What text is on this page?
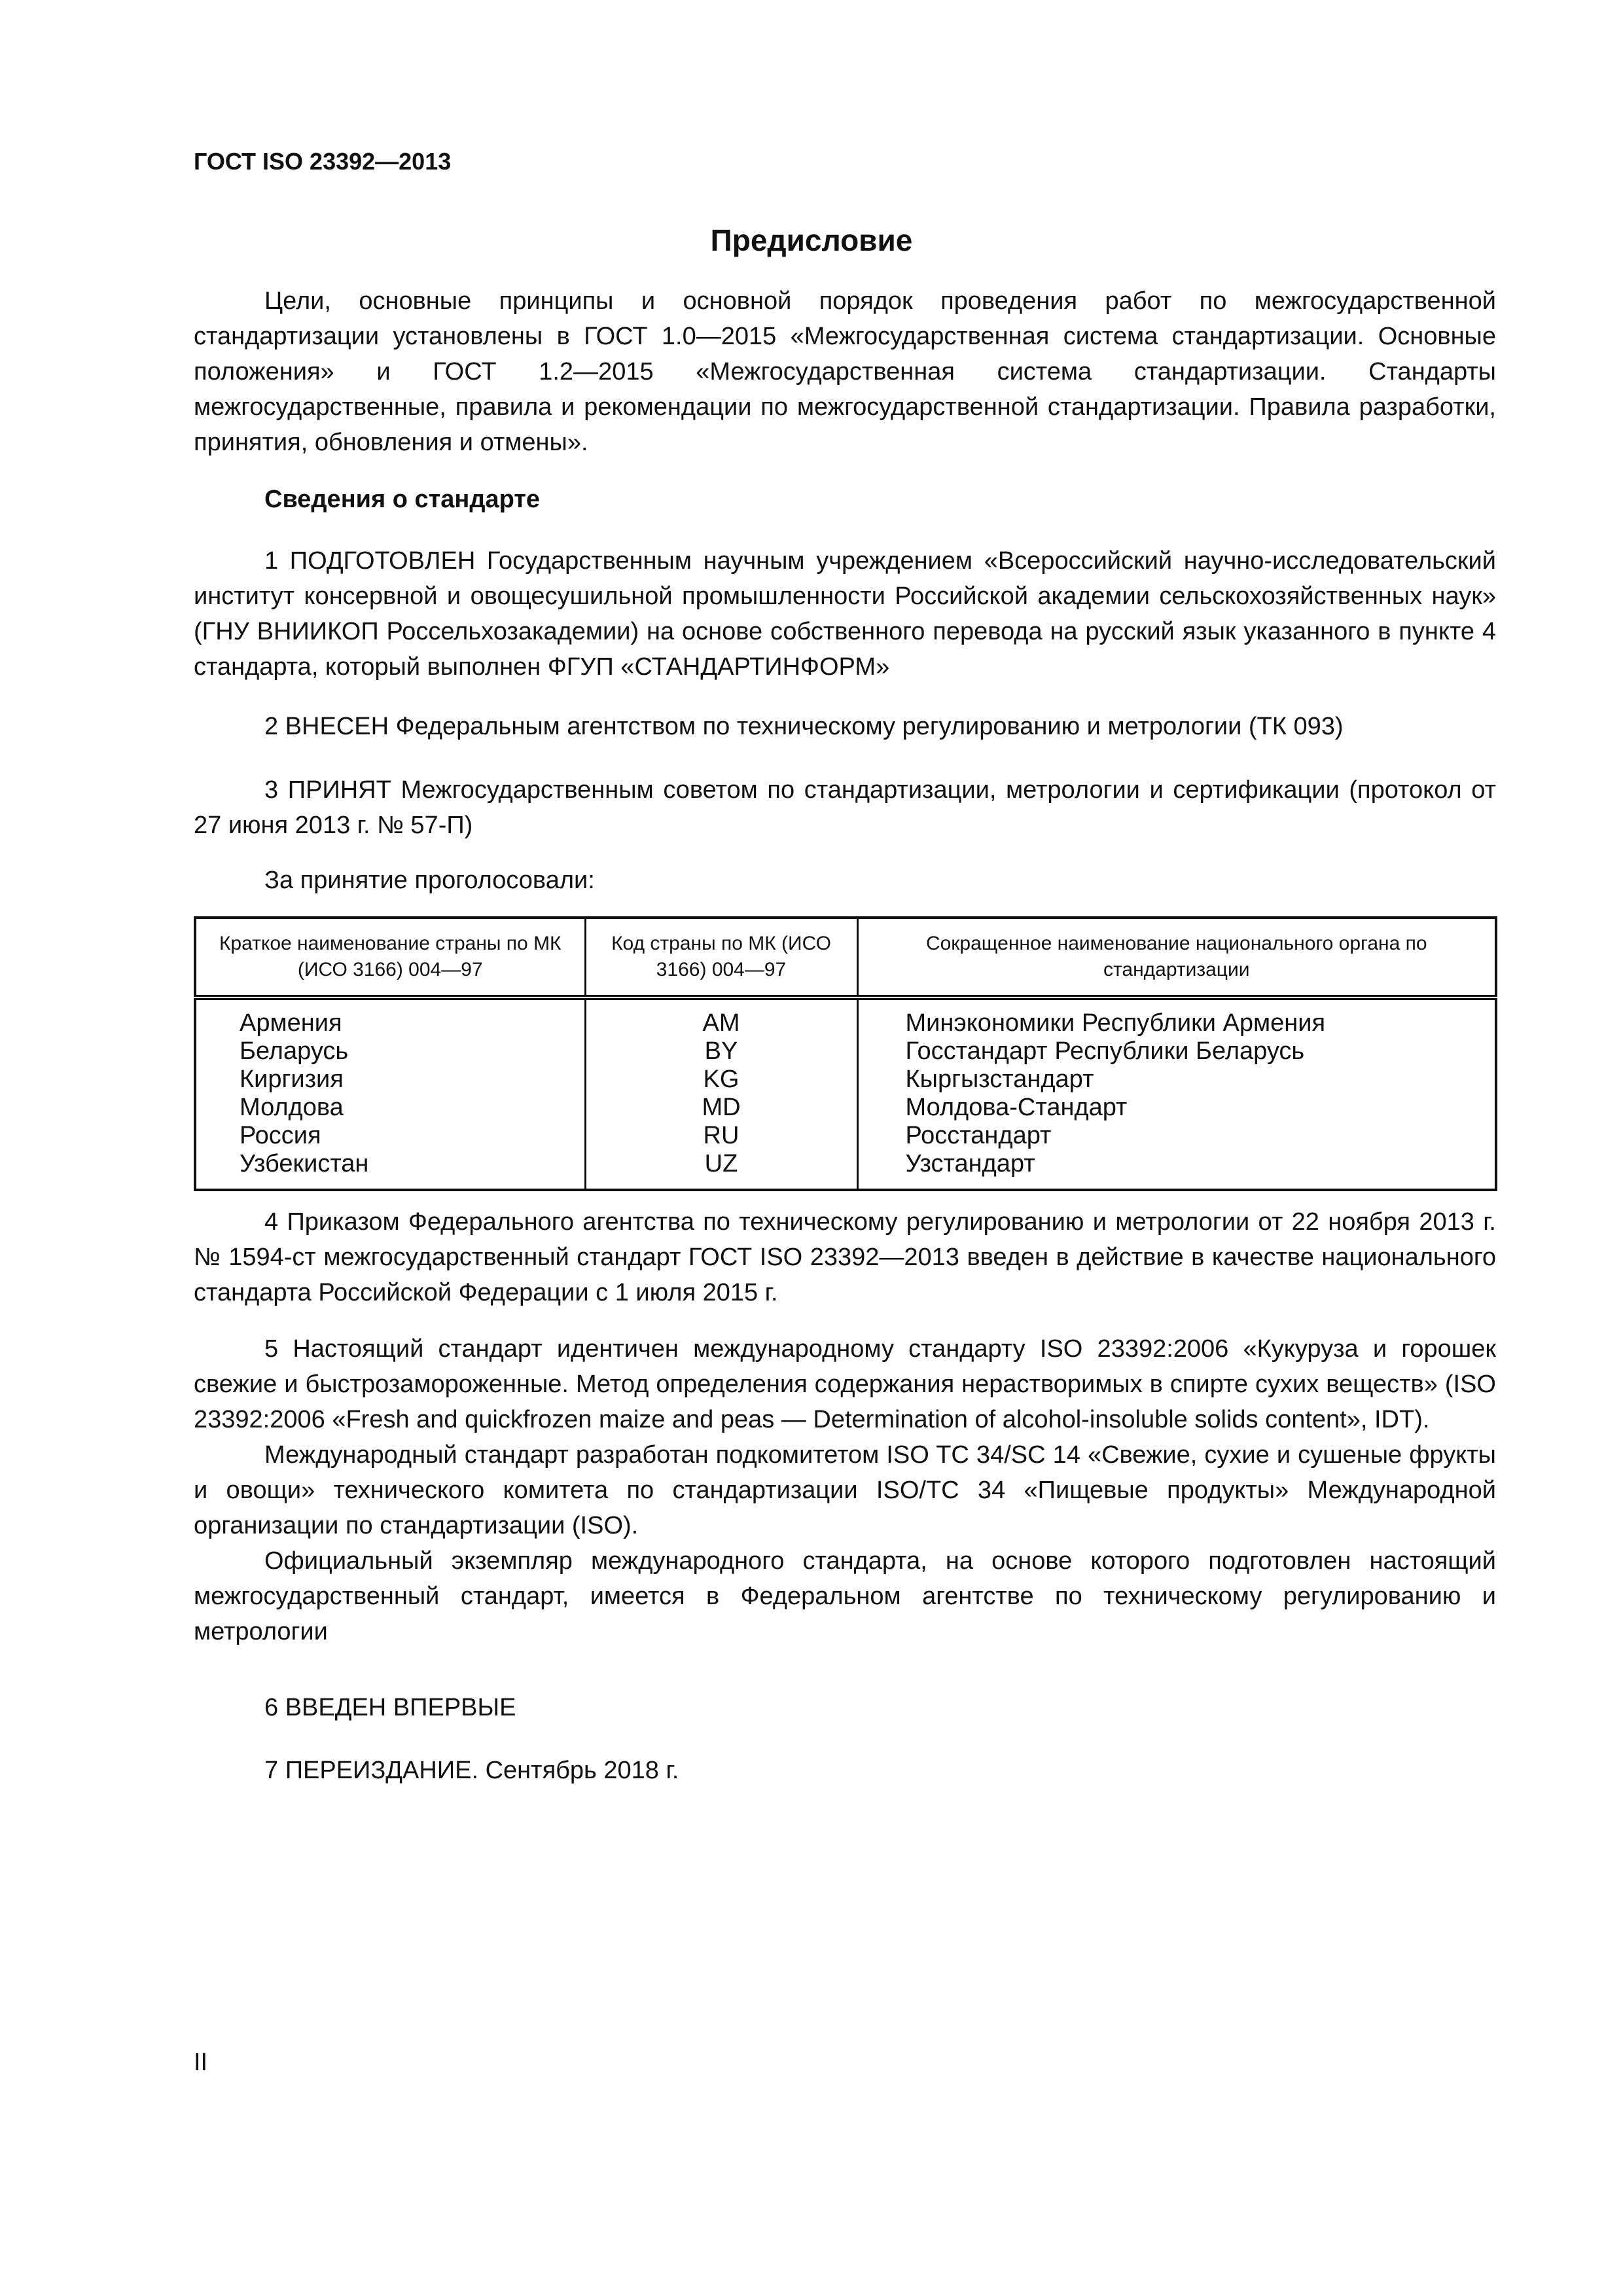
ГОСТ ISO 23392—2013
Предисловие

Цели, основные принципы и основной порядок проведения работ по межгосударственной стандартизации установлены в ГОСТ 1.0—2015 «Межгосударственная система стандартизации. Основные положения» и ГОСТ 1.2—2015 «Межгосударственная система стандартизации. Стандарты межгосударственные, правила и рекомендации по межгосударственной стандартизации. Правила разработки, принятия, обновления и отмены».

Сведения о стандарте

1 ПОДГОТОВЛЕН Государственным научным учреждением «Всероссийский научно-исследовательский институт консервной и овощесушильной промышленности Российской академии сельскохозяйственных наук» (ГНУ ВНИИКОП Россельхозакадемии) на основе собственного перевода на русский язык указанного в пункте 4 стандарта, который выполнен ФГУП «СТАНДАРТИНФОРМ»

2 ВНЕСЕН Федеральным агентством по техническому регулированию и метрологии (ТК 093)

3 ПРИНЯТ Межгосударственным советом по стандартизации, метрологии и сертификации (протокол от 27 июня 2013 г. № 57-П)

За принятие проголосовали:

Краткое наименование страны по МК (ИСО 3166) 004—97	Код страны по МК (ИСО 3166) 004—97	Сокращенное наименование национального органа по стандартизации
Армения	AM	Минэкономики Республики Армения
Беларусь	BY	Госстандарт Республики Беларусь
Киргизия	KG	Кыргызстандарт
Молдова	MD	Молдова-Стандарт
Россия	RU	Росстандарт
Узбекистан	UZ	Узстандарт

4 Приказом Федерального агентства по техническому регулированию и метрологии от 22 ноября 2013 г. № 1594-ст межгосударственный стандарт ГОСТ ISO 23392—2013 введен в действие в качестве национального стандарта Российской Федерации с 1 июля 2015 г.

5 Настоящий стандарт идентичен международному стандарту ISO 23392:2006 «Кукуруза и горошек свежие и быстрозамороженные. Метод определения содержания нерастворимых в спирте сухих веществ» (ISO 23392:2006 «Fresh and quickfrozen maize and peas — Determination of alcohol-insoluble solids content», IDT).

Международный стандарт разработан подкомитетом ISO TC 34/SC 14 «Свежие, сухие и сушеные фрукты и овощи» технического комитета по стандартизации ISO/TC 34 «Пищевые продукты» Международной организации по стандартизации (ISO).

Официальный экземпляр международного стандарта, на основе которого подготовлен настоящий межгосударственный стандарт, имеется в Федеральном агентстве по техническому регулированию и метрологии

6 ВВЕДЕН ВПЕРВЫЕ

7 ПЕРЕИЗДАНИЕ. Сентябрь 2018 г.

II
